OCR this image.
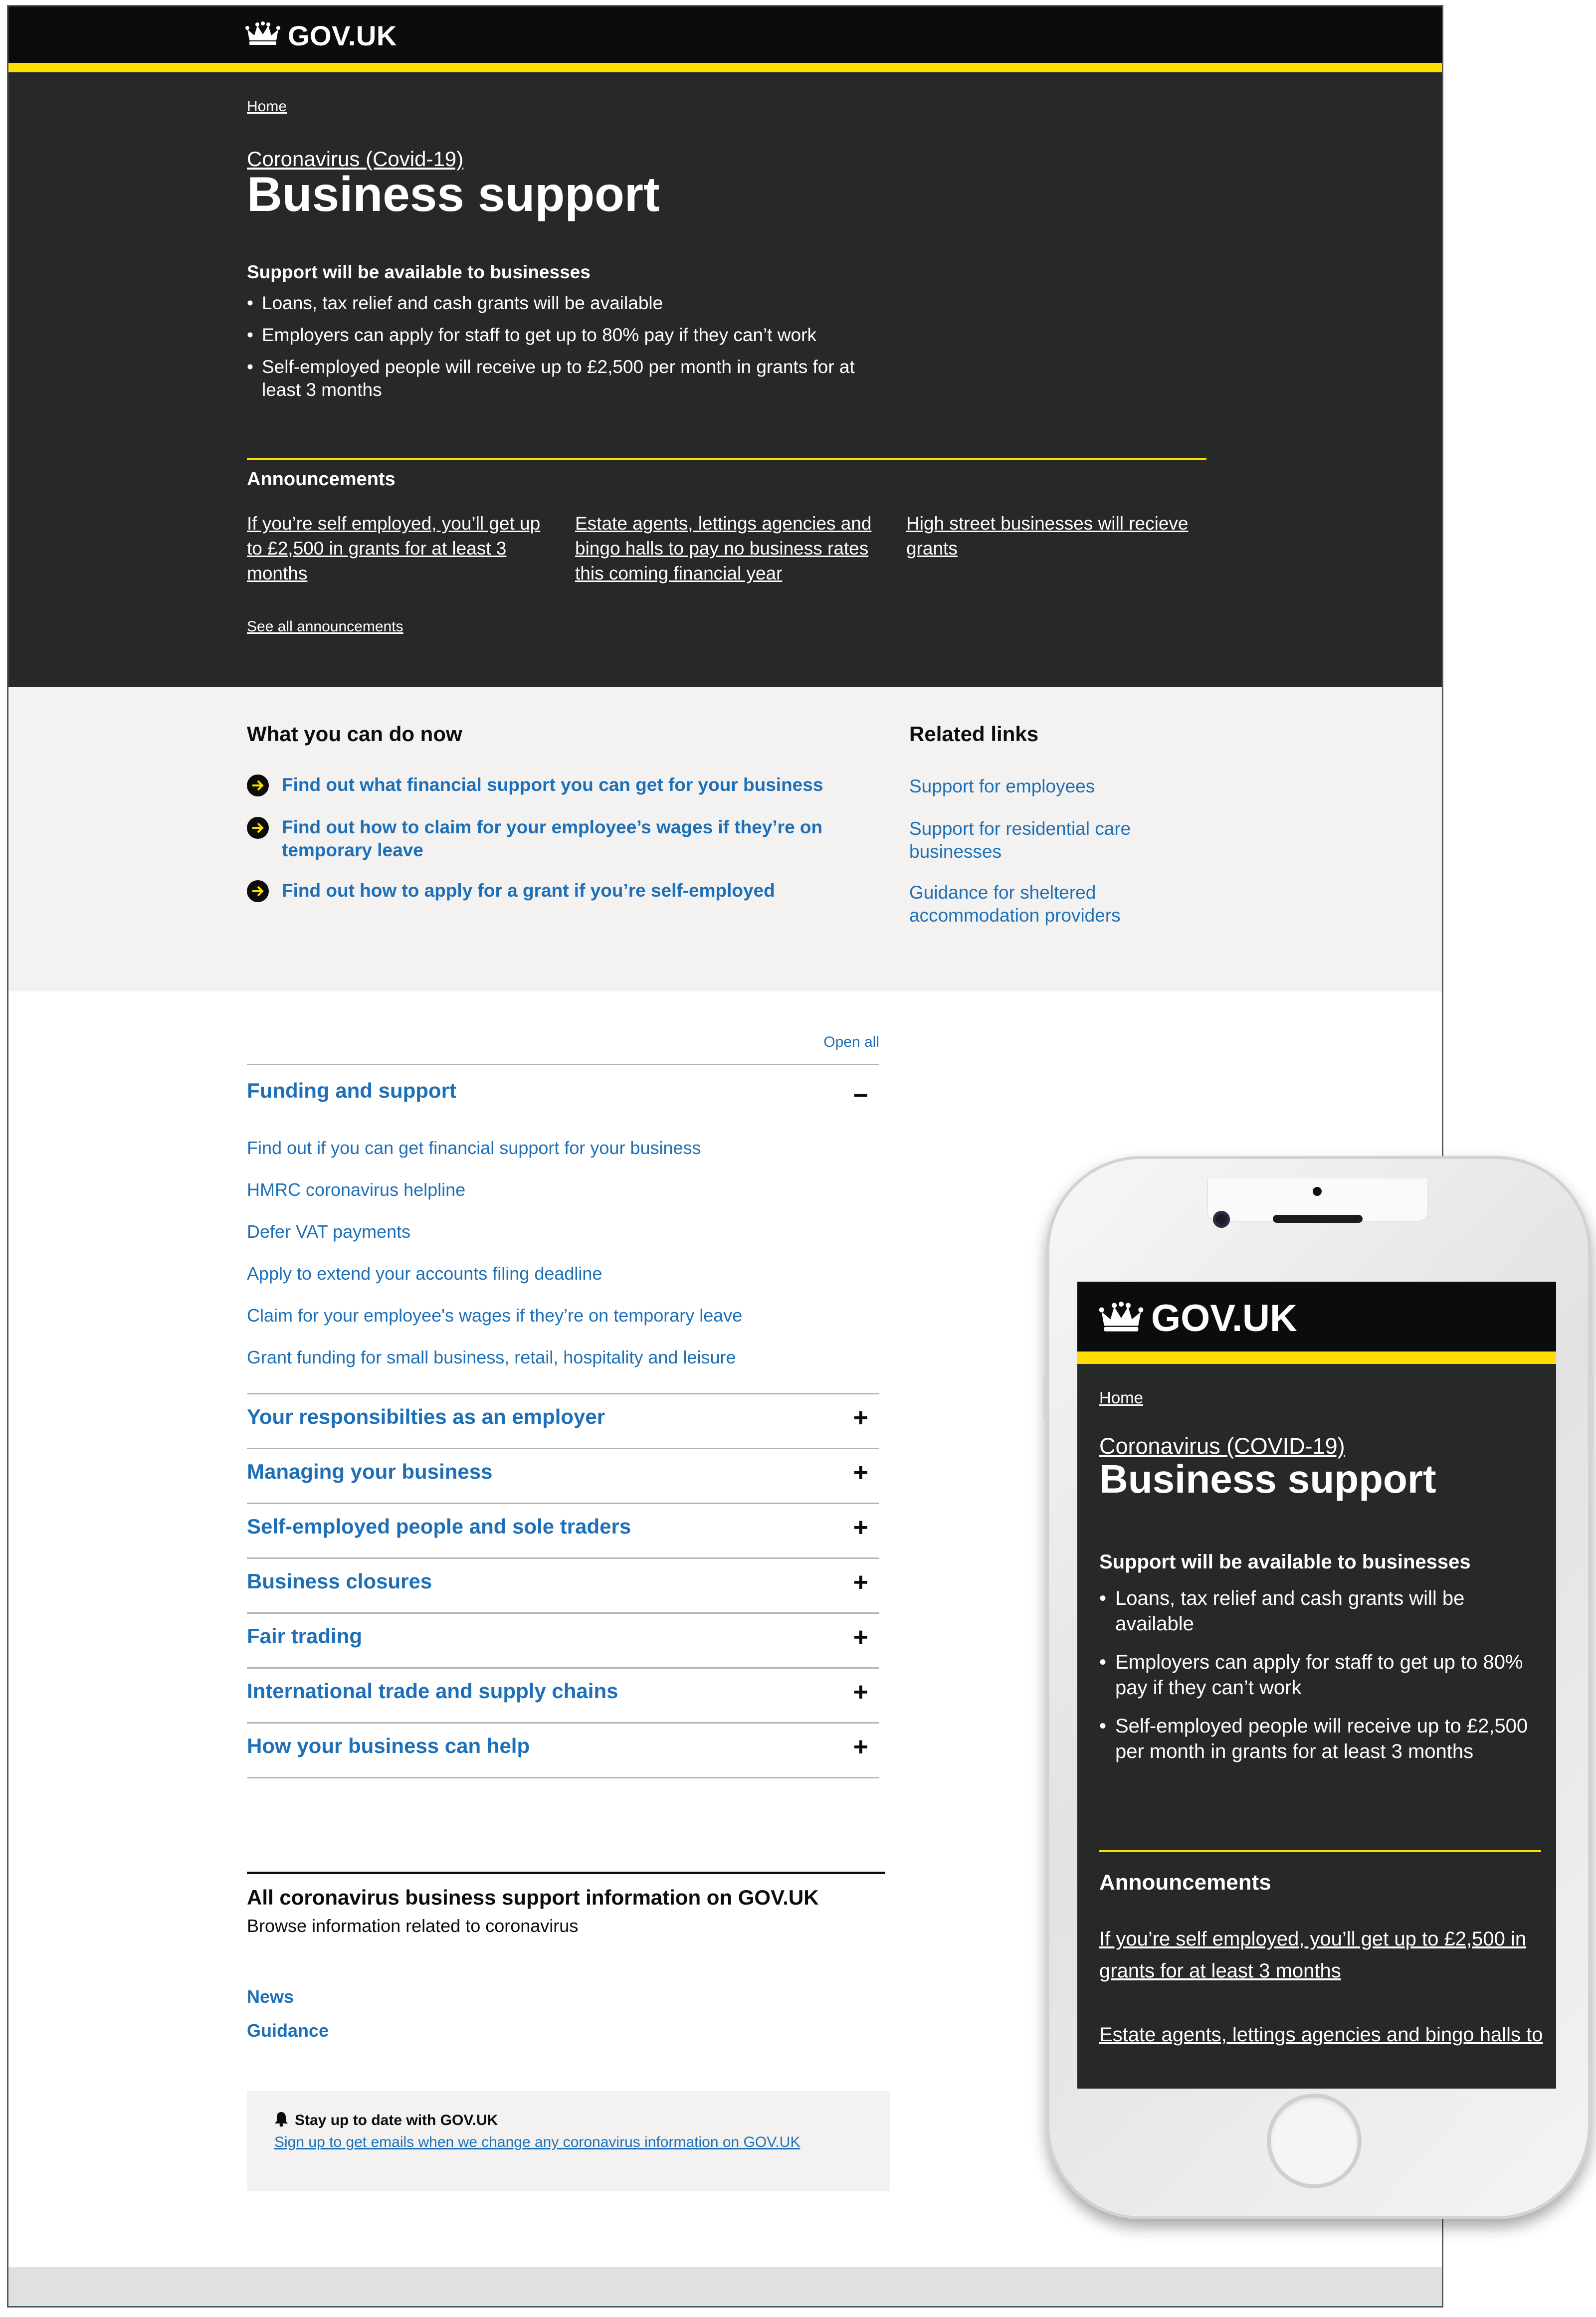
GOV.UK
Home
Coronavirus (Covid-19)
Business support
Support will be available to businesses
• Loans, tax relief and cash grants will be available
• Employers can apply for staff to get up to 80% pay if they can’t work
• Self-employed people will receive up to £2,500 per month in grants for at least 3 months
Announcements
If you’re self employed, you’ll get up to £2,500 in grants for at least 3 months
Estate agents, lettings agencies and bingo halls to pay no business rates this coming financial year
High street businesses will recieve grants
See all announcements
What you can do now
Find out what financial support you can get for your business
Find out how to claim for your employee’s wages if they’re on temporary leave
Find out how to apply for a grant if you’re self-employed
Related links
Support for employees
Support for residential care businesses
Guidance for sheltered accommodation providers
Open all
Funding and support	−
Find out if you can get financial support for your business
HMRC coronavirus helpline
Defer VAT payments
Apply to extend your accounts filing deadline
Claim for your employee's wages if they’re on temporary leave
Grant funding for small business, retail, hospitality and leisure
Your responsibilties as an employer	+
Managing your business	+
Self-employed people and sole traders	+
Business closures	+
Fair trading	+
International trade and supply chains	+
How your business can help	+
All coronavirus business support information on GOV.UK
Browse information related to coronavirus
News
Guidance
Stay up to date with GOV.UK
Sign up to get emails when we change any coronavirus information on GOV.UK
GOV.UK
Home
Coronavirus (COVID-19)
Business support
Support will be available to businesses
• Loans, tax relief and cash grants will be available
• Employers can apply for staff to get up to 80% pay if they can’t work
• Self-employed people will receive up to £2,500 per month in grants for at least 3 months
Announcements
If you’re self employed, you’ll get up to £2,500 in grants for at least 3 months
Estate agents, lettings agencies and bingo halls to
